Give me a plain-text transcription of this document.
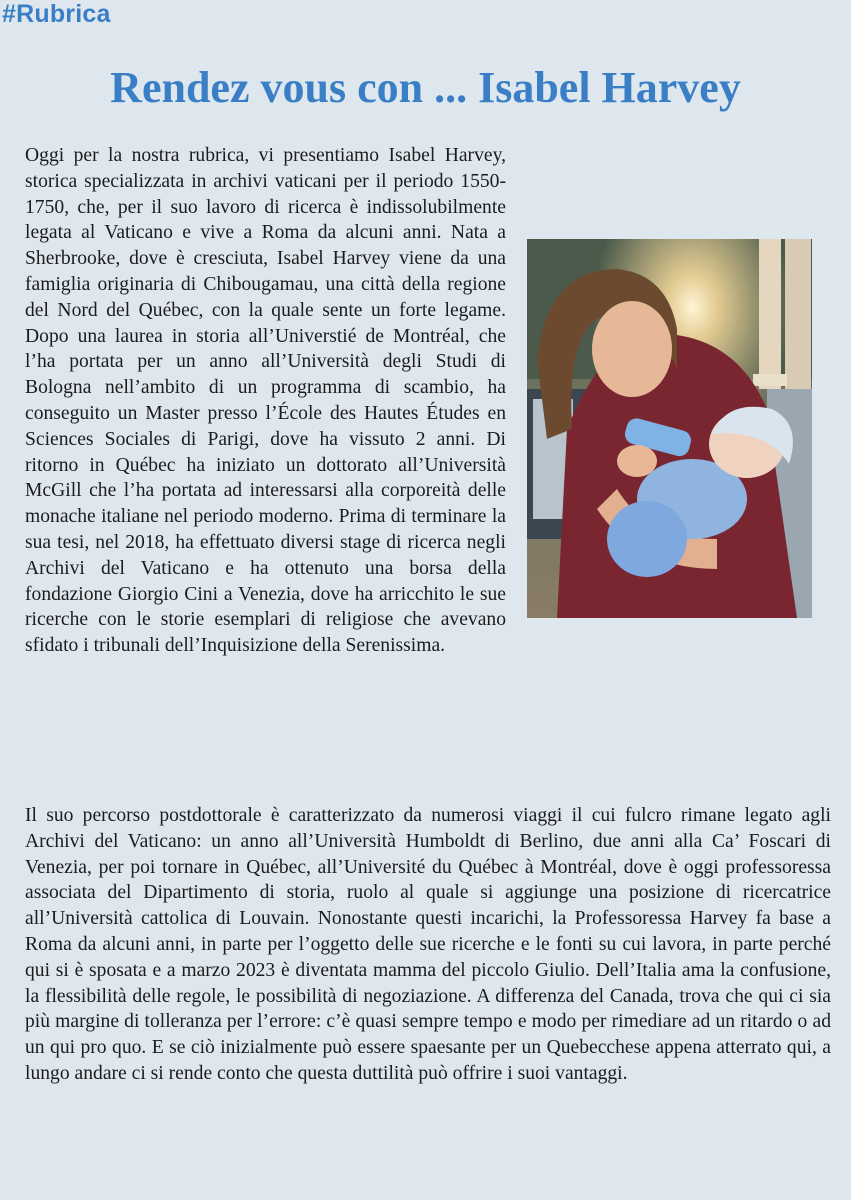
#Rubrica
Rendez vous con ... Isabel Harvey

Oggi per la nostra rubrica, vi presentiamo Isabel Harvey, storica specializzata in archivi vaticani per il periodo 1550-1750, che, per il suo lavoro di ricerca è indissolubilmente legata al Vaticano e vive a Roma da alcuni anni. Nata a Sherbrooke, dove è cresciuta, Isabel Harvey viene da una famiglia originaria di Chibougamau, una città della regione del Nord del Québec, con la quale sente un forte legame. Dopo una laurea in storia all’Universtié de Montréal, che l’ha portata per un anno all’Università degli Studi di Bologna nell’ambito di un programma di scambio, ha conseguito un Master presso l’École des Hautes Études en Sciences Sociales di Parigi, dove ha vissuto 2 anni. Di ritorno in Québec ha iniziato un dottorato all’Università McGill che l’ha portata ad interessarsi alla corporeità delle monache italiane nel periodo moderno. Prima di terminare la sua tesi, nel 2018, ha effettuato diversi stage di ricerca negli Archivi del Vaticano e ha ottenuto una borsa della fondazione Giorgio Cini a Venezia, dove ha arricchito le sue ricerche con le storie esemplari di religiose che avevano sfidato i tribunali dell’Inquisizione della Serenissima.

Il suo percorso postdottorale è caratterizzato da numerosi viaggi il cui fulcro rimane legato agli Archivi del Vaticano: un anno all’Università Humboldt di Berlino, due anni alla Ca’ Foscari di Venezia, per poi tornare in Québec, all’Université du Québec à Montréal, dove è oggi professoressa associata del Dipartimento di storia, ruolo al quale si aggiunge una posizione di ricercatrice all’Università cattolica di Louvain. Nonostante questi incarichi, la Professoressa Harvey fa base a Roma da alcuni anni, in parte per l’oggetto delle sue ricerche e le fonti su cui lavora, in parte perché qui si è sposata e a marzo 2023 è diventata mamma del piccolo Giulio. Dell’Italia ama la confusione, la flessibilità delle regole, le possibilità di negoziazione. A differenza del Canada, trova che qui ci sia più margine di tolleranza per l’errore: c’è quasi sempre tempo e modo per rimediare ad un ritardo o ad un qui pro quo. E se ciò inizialmente può essere spaesante per un Quebecchese appena atterrato qui, a lungo andare ci si rende conto che questa duttilità può offrire i suoi vantaggi.
